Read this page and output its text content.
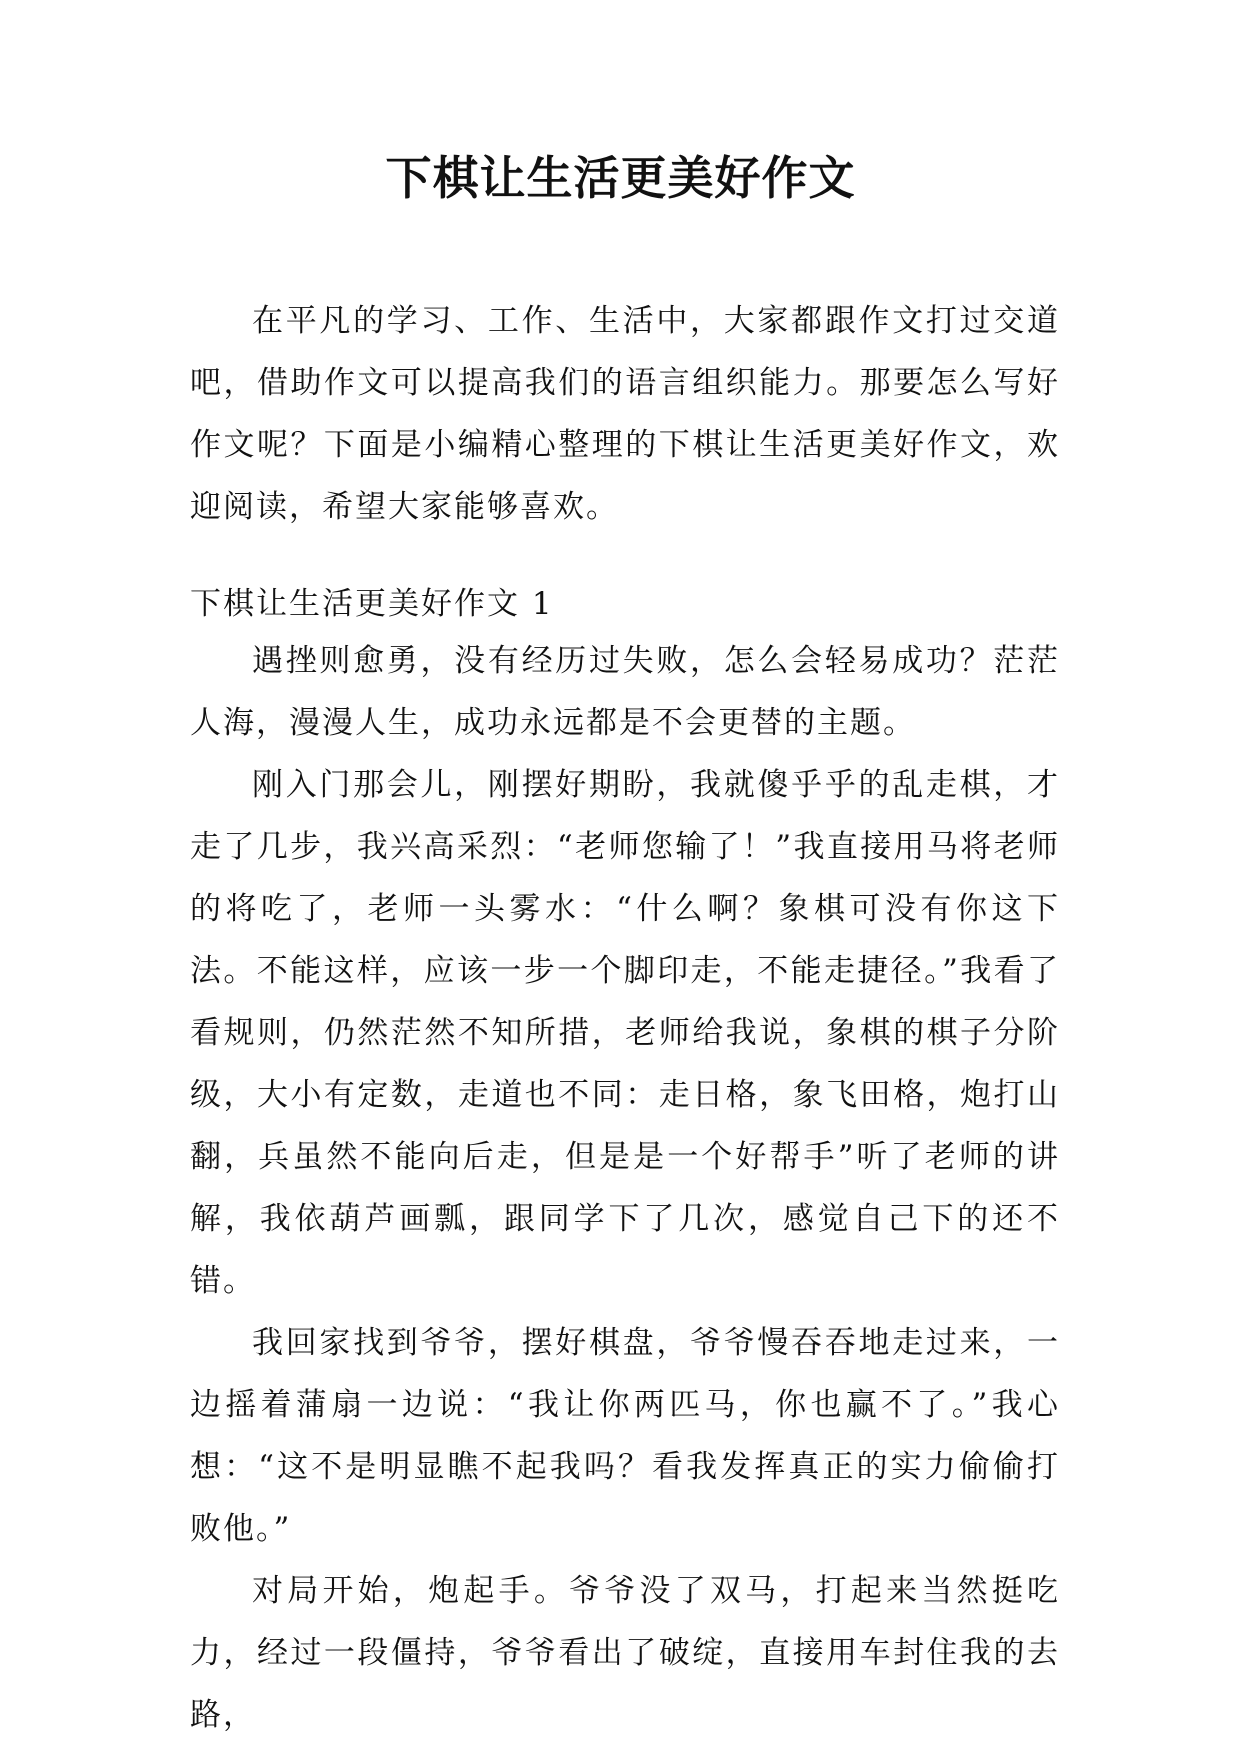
下棋让生活更美好作文

在平凡的学习、工作、生活中，大家都跟作文打过交道吧，借助作文可以提高我们的语言组织能力。那要怎么写好作文呢？下面是小编精心整理的下棋让生活更美好作文，欢迎阅读，希望大家能够喜欢。

下棋让生活更美好作文 1

遇挫则愈勇，没有经历过失败，怎么会轻易成功？茫茫人海，漫漫人生，成功永远都是不会更替的主题。

刚入门那会儿，刚摆好期盼，我就傻乎乎的乱走棋，才走了几步，我兴高采烈：“老师您输了！”我直接用马将老师的将吃了，老师一头雾水：“什么啊？象棋可没有你这下法。不能这样，应该一步一个脚印走，不能走捷径。”我看了看规则，仍然茫然不知所措，老师给我说，象棋的棋子分阶级，大小有定数，走道也不同：走日格，象飞田格，炮打山翻，兵虽然不能向后走，但是是一个好帮手”听了老师的讲解，我依葫芦画瓢，跟同学下了几次，感觉自己下的还不错。

我回家找到爷爷，摆好棋盘，爷爷慢吞吞地走过来，一边摇着蒲扇一边说：“我让你两匹马，你也赢不了。”我心想：“这不是明显瞧不起我吗？看我发挥真正的实力偷偷打败他。”

对局开始，炮起手。爷爷没了双马，打起来当然挺吃力，经过一段僵持，爷爷看出了破绽，直接用车封住我的去路，
